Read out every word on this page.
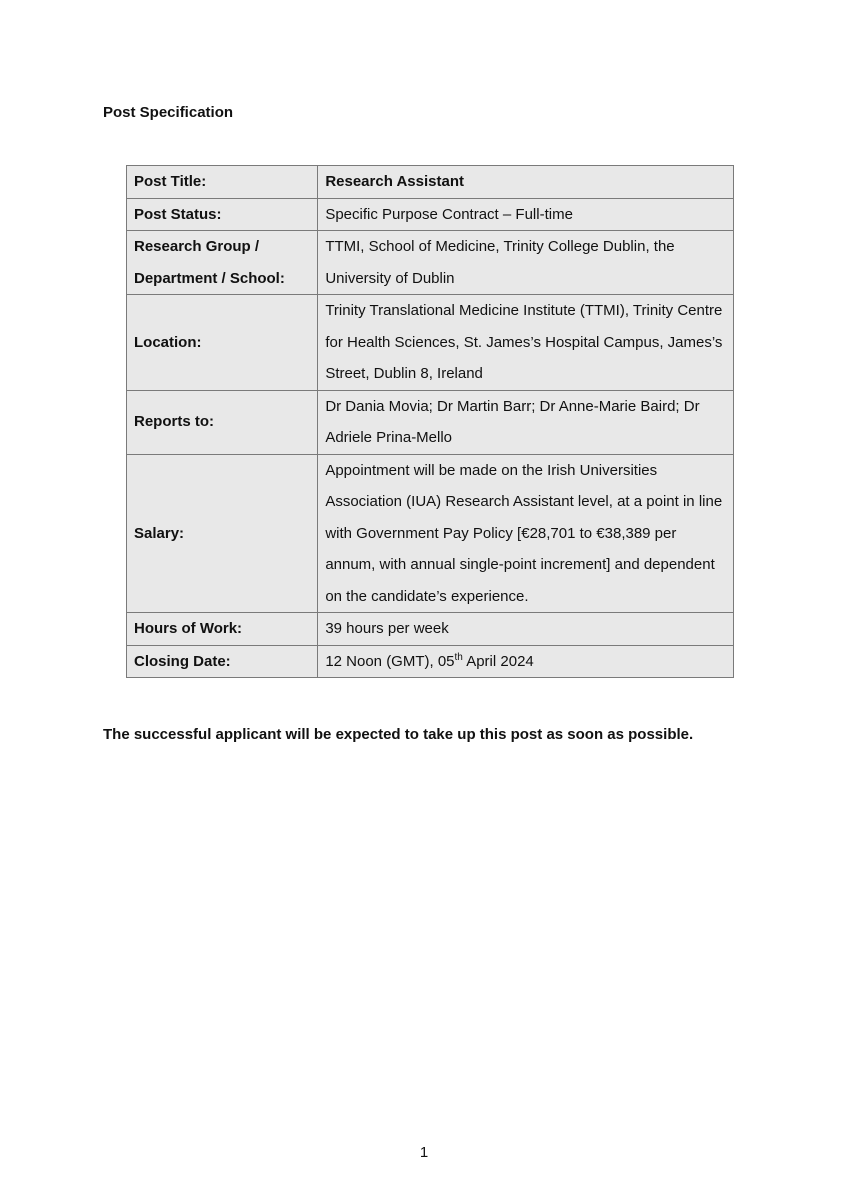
Post Specification
Post Title:	Research Assistant
Post Status:	Specific Purpose Contract – Full-time
Research Group / Department / School:	TTMI, School of Medicine, Trinity College Dublin, the University of Dublin
Location:	Trinity Translational Medicine Institute (TTMI), Trinity Centre for Health Sciences, St. James’s Hospital Campus, James’s Street, Dublin 8, Ireland
Reports to:	Dr Dania Movia; Dr Martin Barr; Dr Anne-Marie Baird; Dr Adriele Prina-Mello
Salary:	Appointment will be made on the Irish Universities Association (IUA) Research Assistant level, at a point in line with Government Pay Policy [€28,701 to €38,389 per annum, with annual single-point increment] and dependent on the candidate’s experience.
Hours of Work:	39 hours per week
Closing Date:	12 Noon (GMT), 05th April 2024
The successful applicant will be expected to take up this post as soon as possible.
1
